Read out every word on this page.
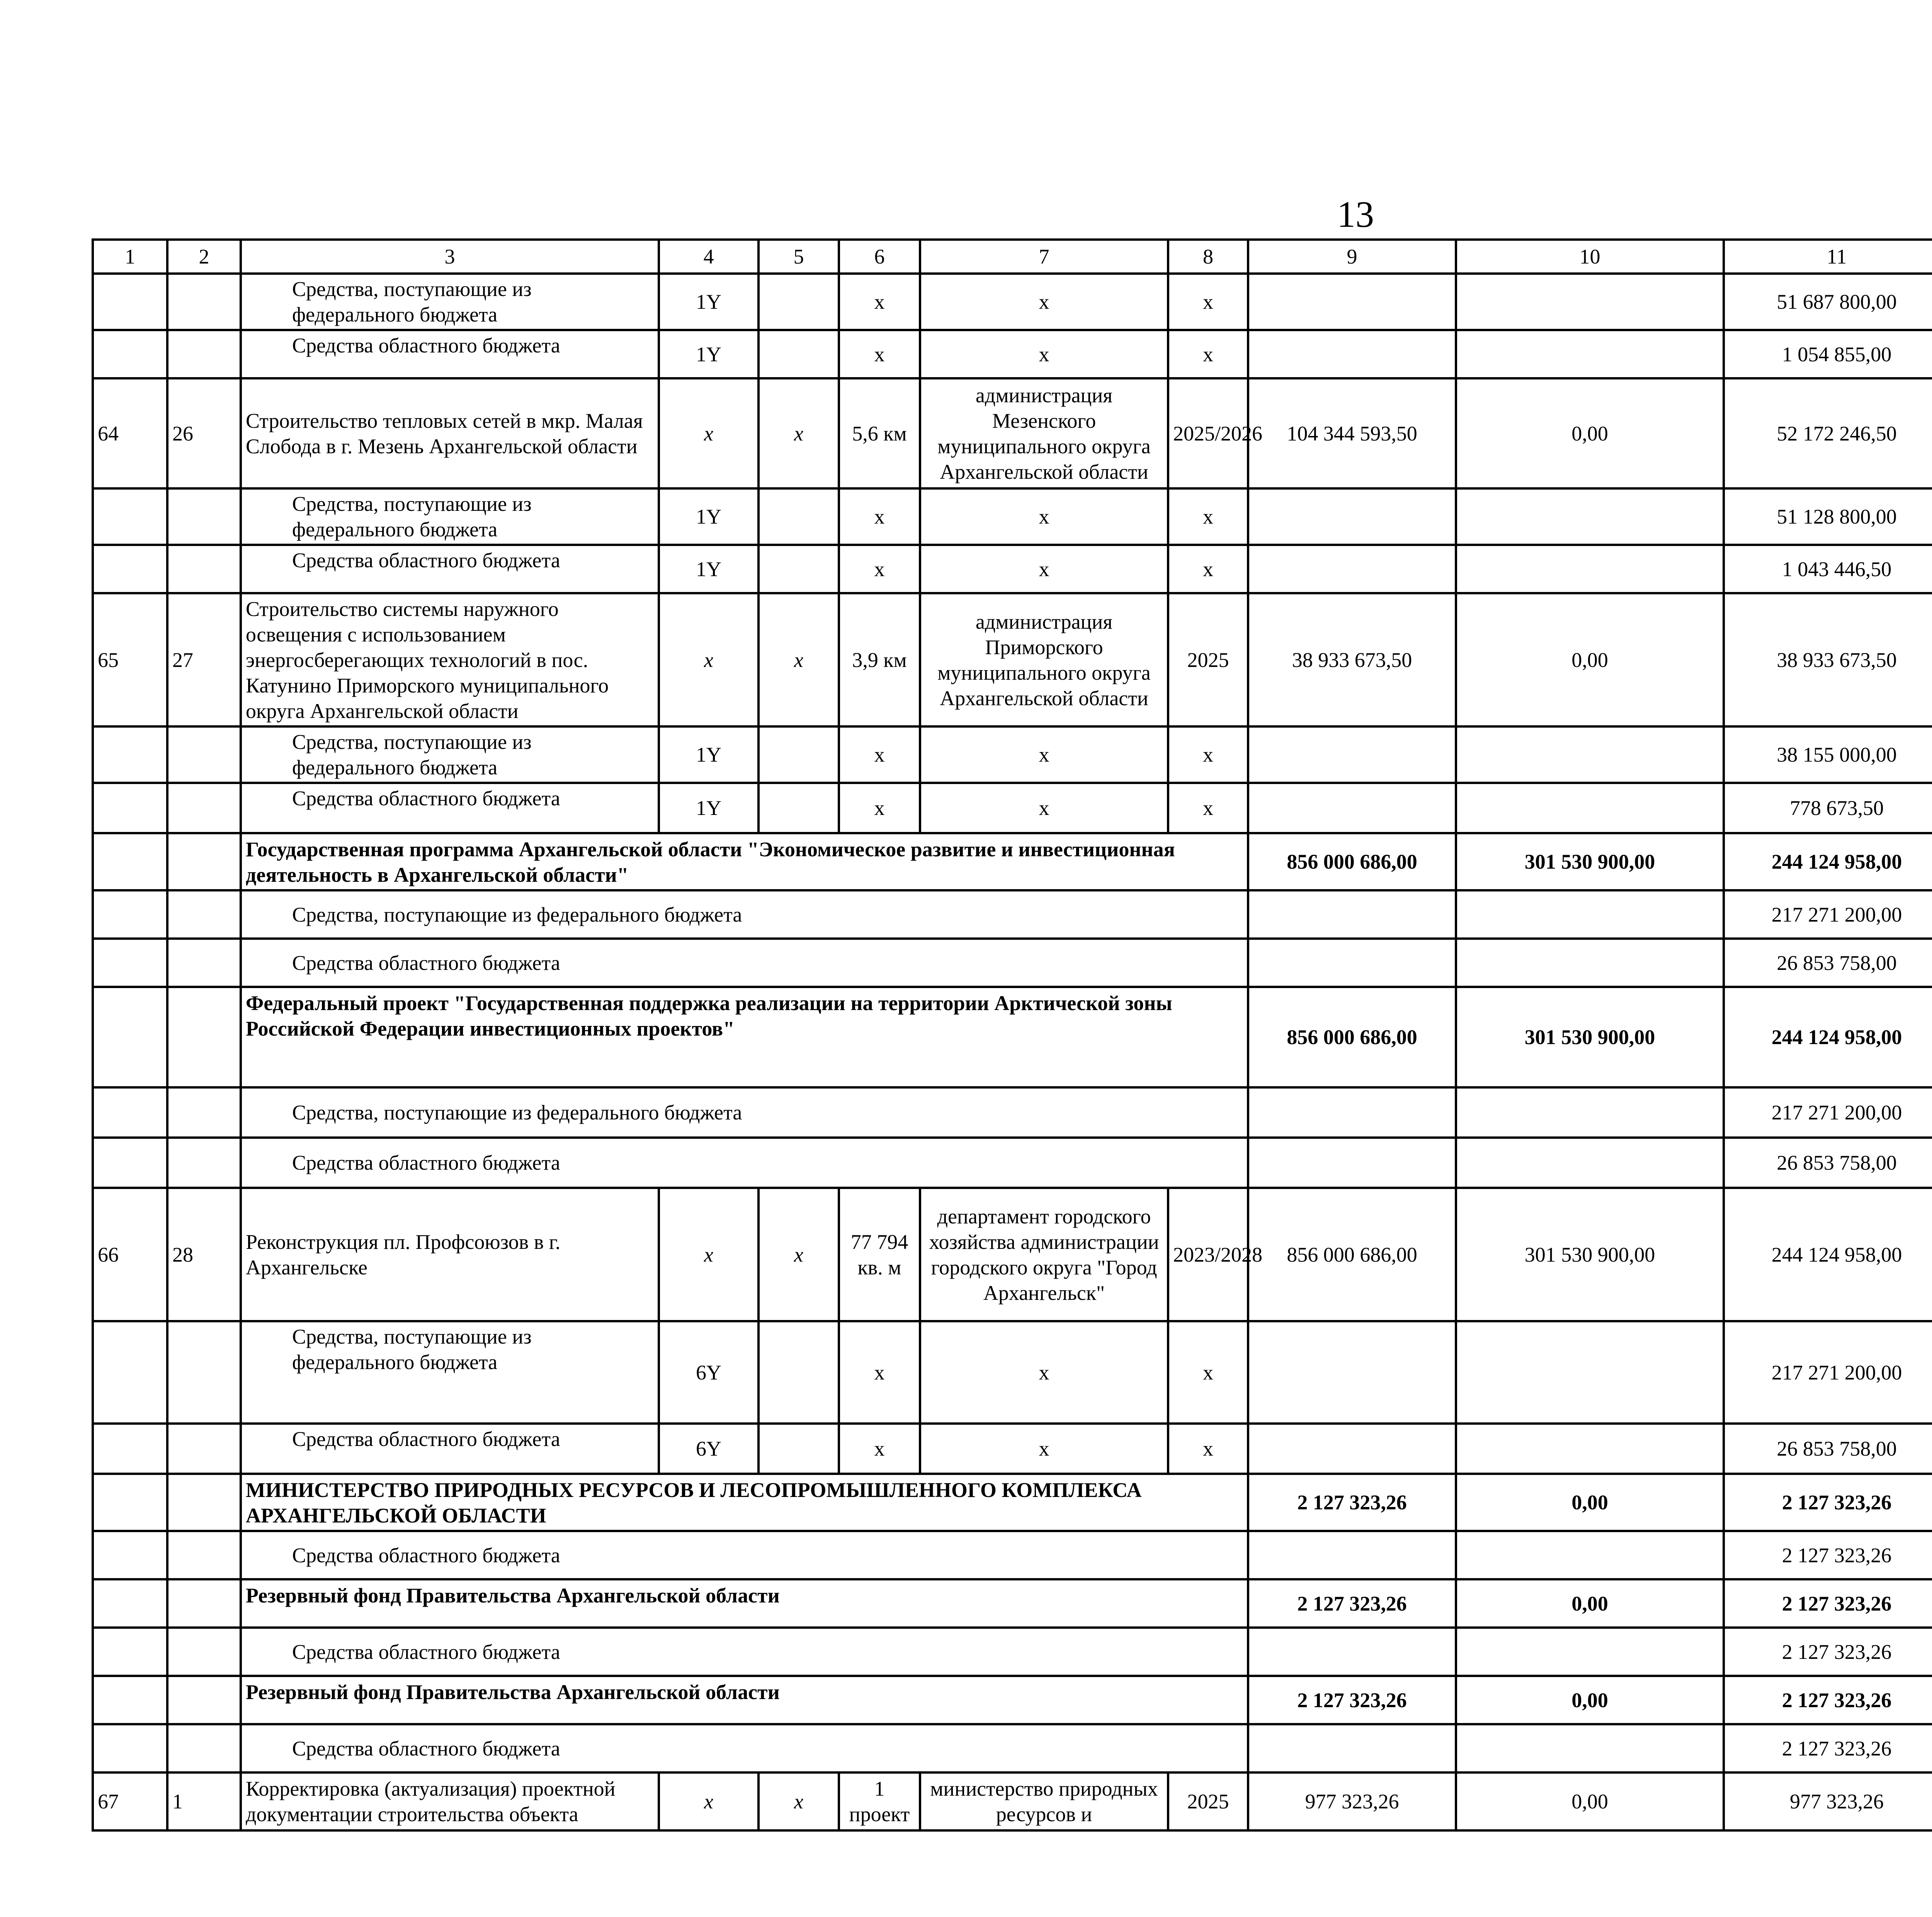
13
1	2	3	4	5	6	7	8	9	10	11			
		Средства, поступающие из федерального бюджета	1Y		x	x	x			51 687 800,00			
		Средства областного бюджета	1Y		x	x	x			1 054 855,00			
64	26	Строительство тепловых сетей в мкр. Малая Слобода в г. Мезень Архангельской области	x	x	5,6 км	администрация Мезенского муниципального округа Архангельской области	2025/2026	104 344 593,50	0,00	52 172 246,50			
		Средства, поступающие из федерального бюджета	1Y		x	x	x			51 128 800,00			
		Средства областного бюджета	1Y		x	x	x			1 043 446,50			
65	27	Строительство системы наружного освещения с использованием энергосберегающих технологий в пос. Катунино Приморского муниципального округа Архангельской области	x	x	3,9 км	администрация Приморского муниципального округа Архангельской области	2025	38 933 673,50	0,00	38 933 673,50			
		Средства, поступающие из федерального бюджета	1Y		x	x	x			38 155 000,00			
		Средства областного бюджета	1Y		x	x	x			778 673,50			
		Государственная программа Архангельской области "Экономическое развитие и инвестиционная деятельность в Архангельской области"						856 000 686,00	301 530 900,00	244 124 958,00			
		Средства, поступающие из федерального бюджета								217 271 200,00			
		Средства областного бюджета								26 853 758,00			
		Федеральный проект "Государственная поддержка реализации на территории Арктической зоны Российской Федерации инвестиционных проектов"						856 000 686,00	301 530 900,00	244 124 958,00			
		Средства, поступающие из федерального бюджета								217 271 200,00			
		Средства областного бюджета								26 853 758,00			
66	28	Реконструкция пл. Профсоюзов в г. Архангельске	x	x	77 794 кв. м	департамент городского хозяйства администрации городского округа "Город Архангельск"	2023/2028	856 000 686,00	301 530 900,00	244 124 958,00			
		Средства, поступающие из федерального бюджета	6Y		x	x	x			217 271 200,00			
		Средства областного бюджета	6Y		x	x	x			26 853 758,00			
		МИНИСТЕРСТВО ПРИРОДНЫХ РЕСУРСОВ И ЛЕСОПРОМЫШЛЕННОГО КОМПЛЕКСА АРХАНГЕЛЬСКОЙ ОБЛАСТИ						2 127 323,26	0,00	2 127 323,26			
		Средства областного бюджета								2 127 323,26			
		Резервный фонд Правительства Архангельской области						2 127 323,26	0,00	2 127 323,26			
		Средства областного бюджета								2 127 323,26			
		Резервный фонд Правительства Архангельской области						2 127 323,26	0,00	2 127 323,26			
		Средства областного бюджета								2 127 323,26			
67	1	Корректировка (актуализация) проектной документации строительства объекта	x	x	1 проект	министерство природных ресурсов и	2025	977 323,26	0,00	977 323,26			
